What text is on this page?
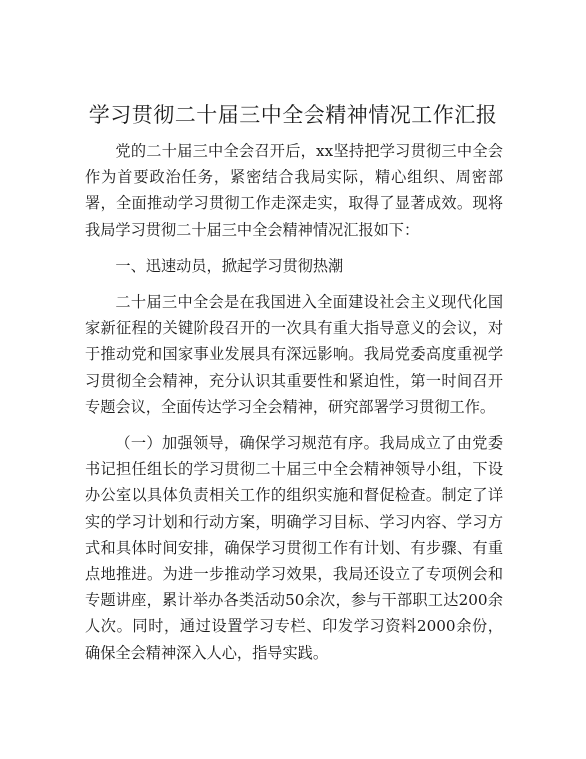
学习贯彻二十届三中全会精神情况工作汇报

党的二十届三中全会召开后，xx坚持把学习贯彻三中全会作为首要政治任务，紧密结合我局实际，精心组织、周密部署，全面推动学习贯彻工作走深走实，取得了显著成效。现将我局学习贯彻二十届三中全会精神情况汇报如下：

一、迅速动员，掀起学习贯彻热潮

二十届三中全会是在我国进入全面建设社会主义现代化国家新征程的关键阶段召开的一次具有重大指导意义的会议，对于推动党和国家事业发展具有深远影响。我局党委高度重视学习贯彻全会精神，充分认识其重要性和紧迫性，第一时间召开专题会议，全面传达学习全会精神，研究部署学习贯彻工作。

（一）加强领导，确保学习规范有序。我局成立了由党委书记担任组长的学习贯彻二十届三中全会精神领导小组，下设办公室以具体负责相关工作的组织实施和督促检查。制定了详实的学习计划和行动方案，明确学习目标、学习内容、学习方式和具体时间安排，确保学习贯彻工作有计划、有步骤、有重点地推进。为进一步推动学习效果，我局还设立了专项例会和专题讲座，累计举办各类活动50余次，参与干部职工达200余人次。同时，通过设置学习专栏、印发学习资料2000余份，确保全会精神深入人心，指导实践。
